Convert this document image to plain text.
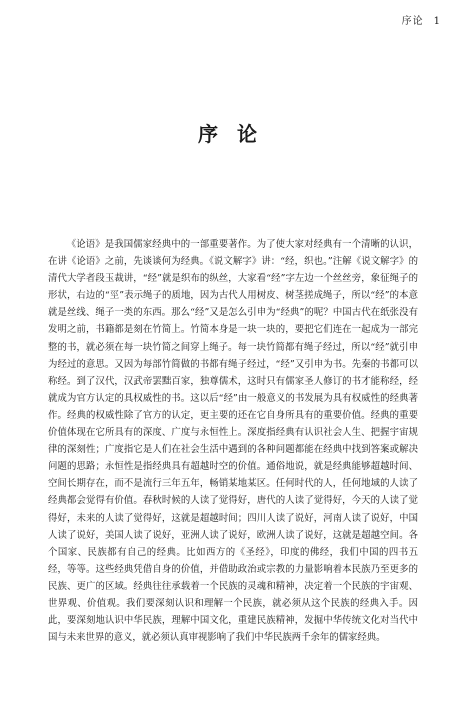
序论 1
序 论

《论语》是我国儒家经典中的一部重要著作。为了使大家对经典有一个清晰的认识，在讲《论语》之前，先谈谈何为经典。《说文解字》讲：“经，织也。”注解《说文解字》的清代大学者段玉裁讲，“经”就是织布的纵丝，大家看“经”字左边一个丝丝旁，象征绳子的形状，右边的“巠”表示绳子的质地，因为古代人用树皮、树茎搓成绳子，所以“经”的本意就是丝线、绳子一类的东西。那么“经”又是怎么引申为“经典”的呢？中国古代在纸张没有发明之前，书籍都是刻在竹简上。竹简本身是一块一块的，要把它们连在一起成为一部完整的书，就必须在每一块竹简之间穿上绳子。每一块竹简都有绳子经过，所以“经”就引申为经过的意思。又因为每部竹简做的书都有绳子经过，“经”又引申为书。先秦的书都可以称经。到了汉代，汉武帝罢黜百家，独尊儒术，这时只有儒家圣人修订的书才能称经，经就成为官方认定的具权威性的书。这以后“经”由一般意义的书发展为具有权威性的经典著作。经典的权威性除了官方的认定，更主要的还在它自身所具有的重要价值。经典的重要价值体现在它所具有的深度、广度与永恒性上。深度指经典有认识社会人生、把握宇宙规律的深刻性；广度指它是人们在社会生活中遇到的各种问题都能在经典中找到答案或解决问题的思路；永恒性是指经典具有超越时空的价值。通俗地说，就是经典能够超越时间、空间长期存在，而不是流行三年五年，畅销某地某区。任何时代的人，任何地域的人读了经典都会觉得有价值。春秋时候的人读了觉得好，唐代的人读了觉得好，今天的人读了觉得好，未来的人读了觉得好，这就是超越时间；四川人读了说好，河南人读了说好，中国人读了说好，美国人读了说好，亚洲人读了说好，欧洲人读了说好，这就是超越空间。各个国家、民族都有自己的经典。比如西方的《圣经》，印度的佛经，我们中国的四书五经，等等。这些经典凭借自身的价值，并借助政治或宗教的力量影响着本民族乃至更多的民族、更广的区域。经典往往承载着一个民族的灵魂和精神，决定着一个民族的宇宙观、世界观、价值观。我们要深刻认识和理解一个民族，就必须从这个民族的经典入手。因此，要深刻地认识中华民族，理解中国文化，重建民族精神，发掘中华传统文化对当代中国与未来世界的意义，就必须认真审视影响了我们中华民族两千余年的儒家经典。
